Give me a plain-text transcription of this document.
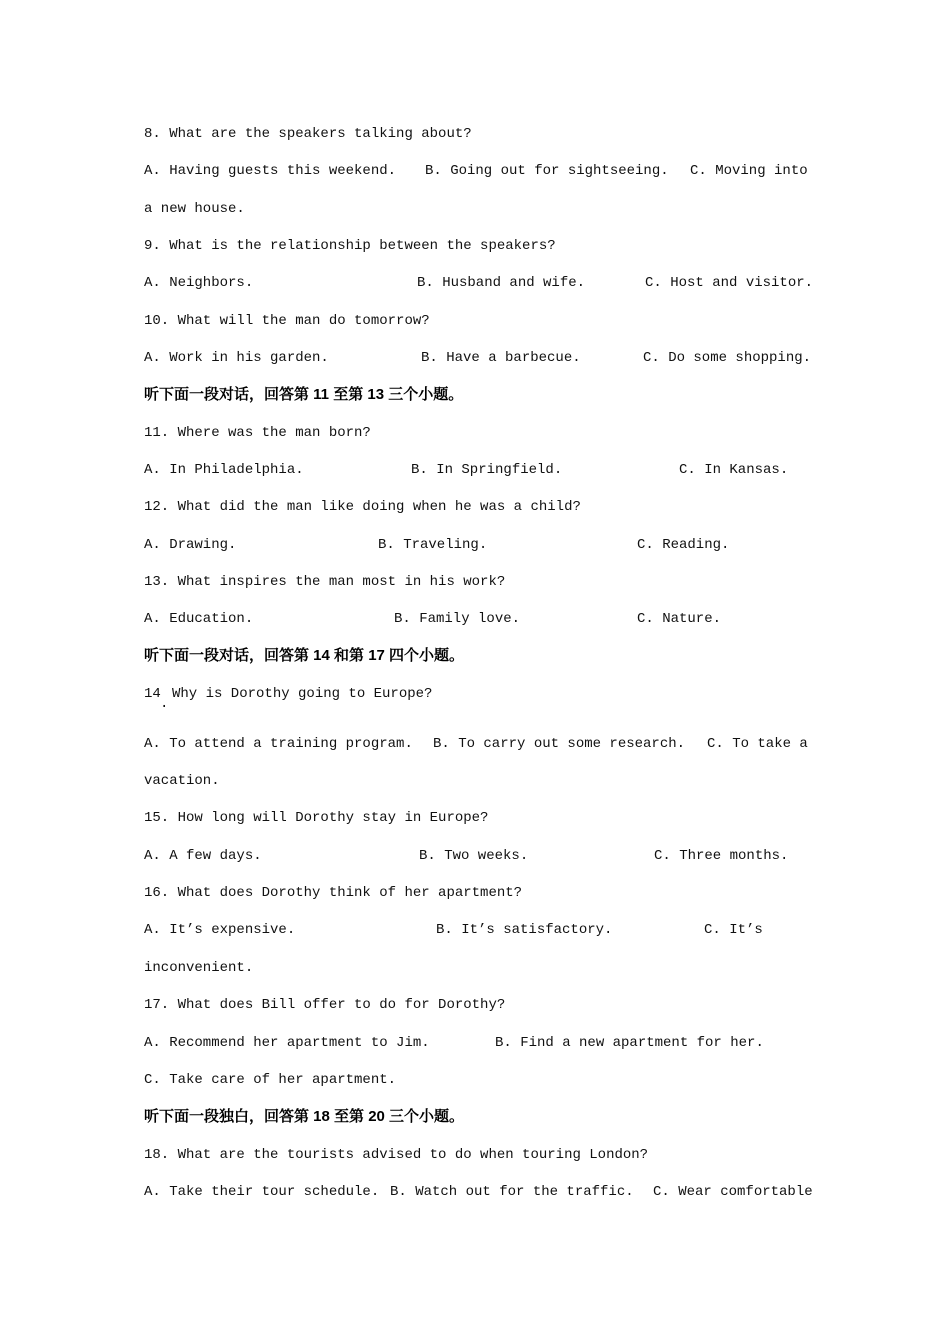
8. What are the speakers talking about?
A. Having guests this weekend. B. Going out for sightseeing. C. Moving into
a new house.
9. What is the relationship between the speakers?
A. Neighbors.	B. Husband and wife.	C. Host and visitor.
10. What will the man do tomorrow?
A. Work in his garden.	B. Have a barbecue.	C. Do some shopping.
听下面一段对话，回答第 11 至第 13 三个小题。
11. Where was the man born?
A. In Philadelphia.	B. In Springfield.	C. In Kansas.
12. What did the man like doing when he was a child?
A. Drawing.	B. Traveling.	C. Reading.
13. What inspires the man most in his work?
A. Education.	B. Family love.	C. Nature.
听下面一段对话，回答第 14 和第 17 四个小题。
14
.
Why is Dorothy going to Europe?
A. To attend a training program. B. To carry out some research. C. To take a
vacation.
15. How long will Dorothy stay in Europe?
A. A few days.	B. Two weeks.	C. Three months.
16. What does Dorothy think of her apartment?
A. It’s expensive.	B. It’s satisfactory.	C. It’s
inconvenient.
17. What does Bill offer to do for Dorothy?
A. Recommend her apartment to Jim.	B. Find a new apartment for her.
C. Take care of her apartment.
听下面一段独白，回答第 18 至第 20 三个小题。
18. What are the tourists advised to do when touring London?
A. Take their tour schedule. B. Watch out for the traffic. C. Wear comfortable
